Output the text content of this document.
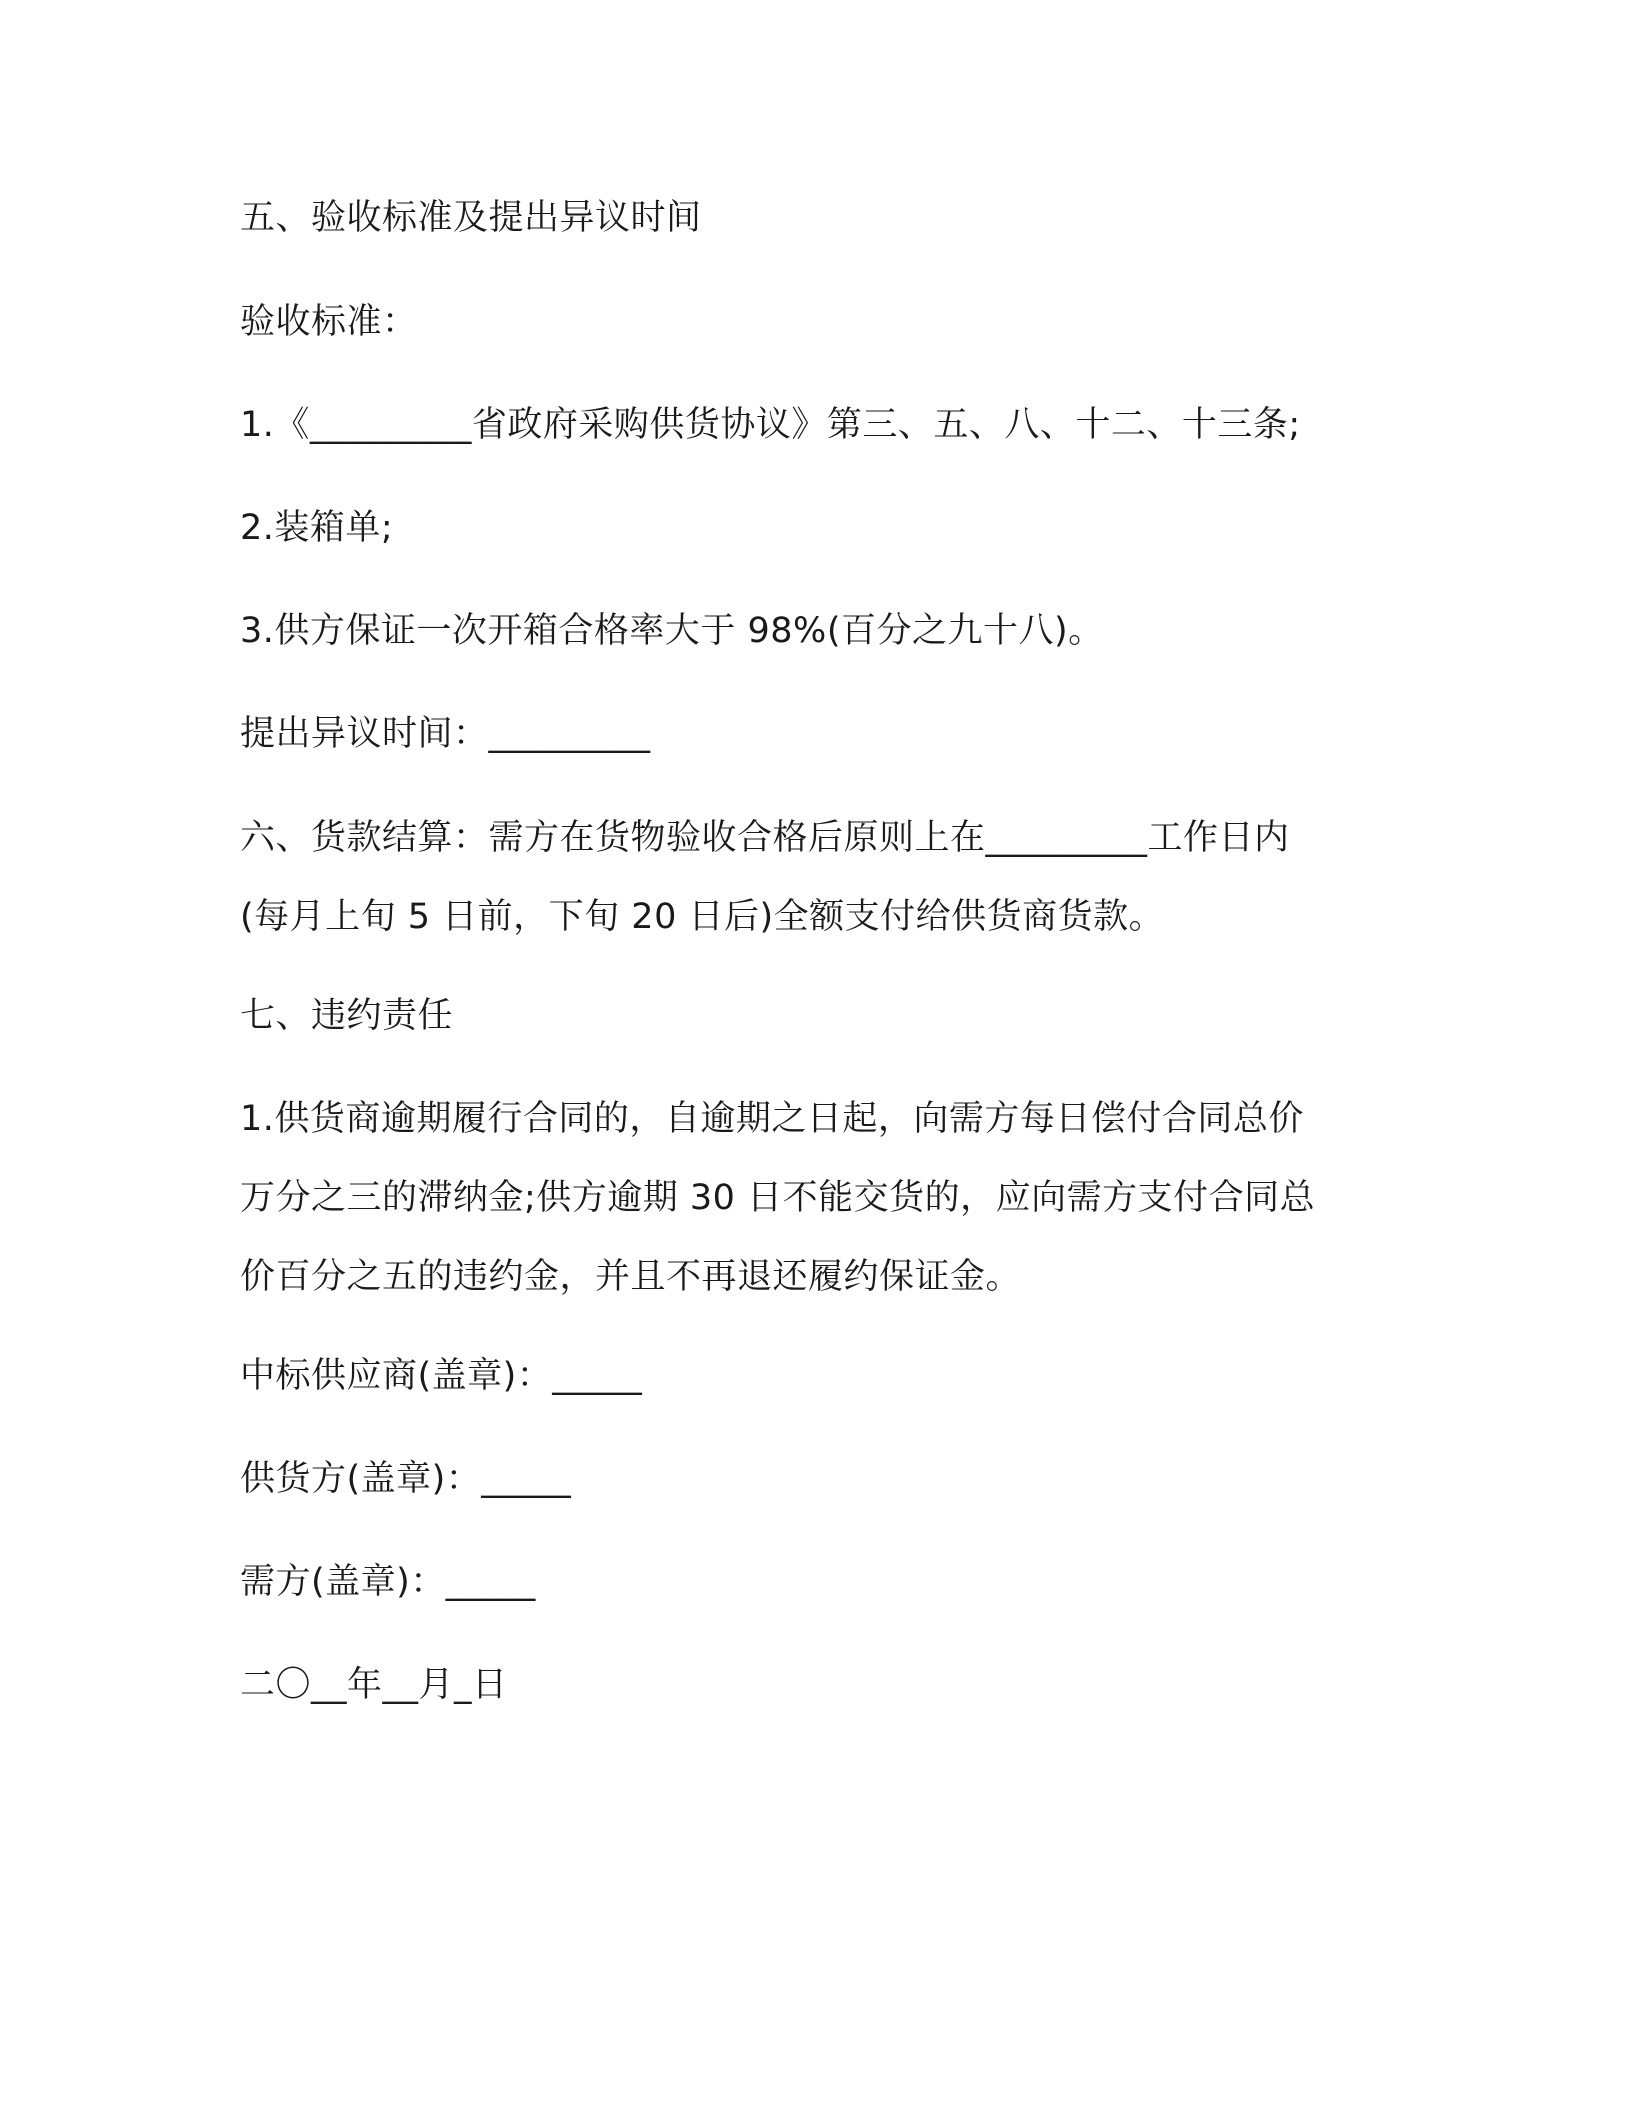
五、验收标准及提出异议时间

验收标准：

1.《_________省政府采购供货协议》第三、五、八、十二、十三条;

2.装箱单;

3.供方保证一次开箱合格率大于 98%(百分之九十八)。

提出异议时间：_________

六、货款结算：需方在货物验收合格后原则上在_________工作日内
(每月上旬 5 日前，下旬 20 日后)全额支付给供货商货款。

七、违约责任

1.供货商逾期履行合同的，自逾期之日起，向需方每日偿付合同总价
万分之三的滞纳金;供方逾期 30 日不能交货的，应向需方支付合同总
价百分之五的违约金，并且不再退还履约保证金。

中标供应商(盖章)：_____

供货方(盖章)：_____

需方(盖章)：_____

二〇__年__月_日
